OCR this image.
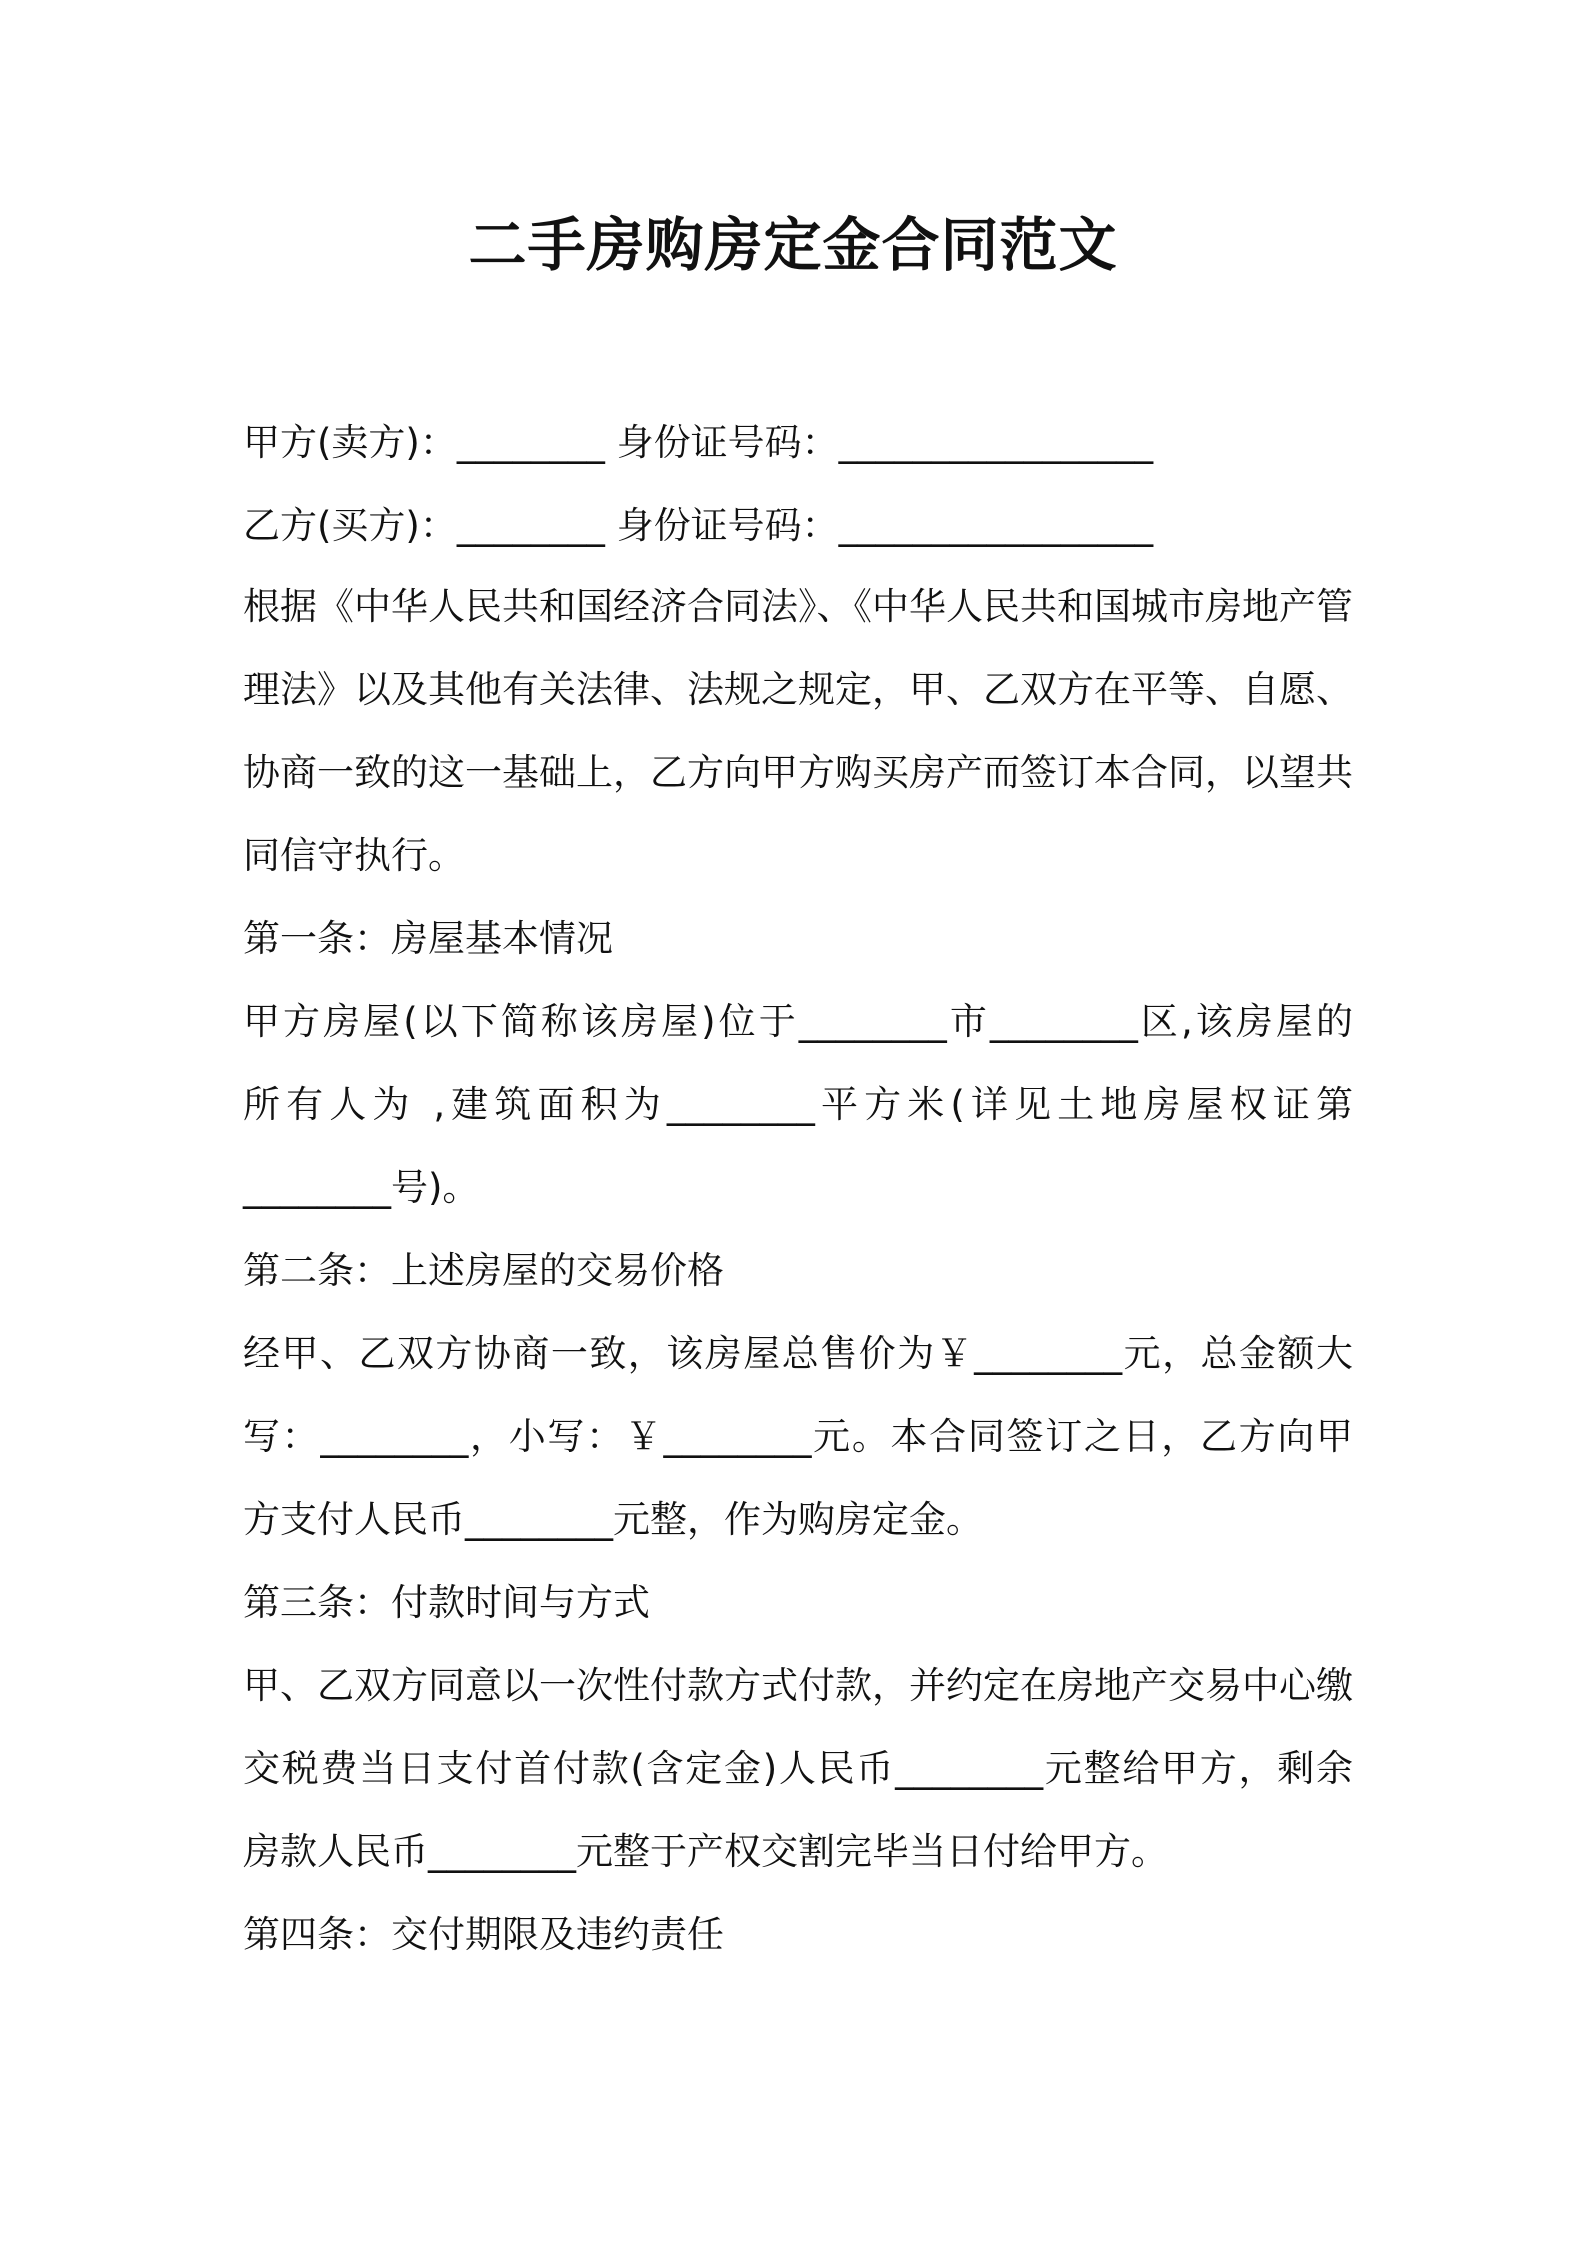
二手房购房定金合同范文
甲方(卖方)：________ 身份证号码：_________________
乙方(买方)：________ 身份证号码：_________________
根据《中华人民共和国经济合同法》、《中华人民共和国城市房地产管
理法》以及其他有关法律、法规之规定，甲、乙双方在平等、自愿、
协商一致的这一基础上，乙方向甲方购买房产而签订本合同，以望共
同信守执行。
第一条：房屋基本情况
甲方房屋(以下简称该房屋)位于________市________区,该房屋的
所有人为 ,建筑面积为________平方米(详见土地房屋权证第
________号)。
第二条：上述房屋的交易价格
经甲、乙双方协商一致，该房屋总售价为￥________元，总金额大
写：________，小写：￥________元。本合同签订之日，乙方向甲
方支付人民币________元整，作为购房定金。
第三条：付款时间与方式
甲、乙双方同意以一次性付款方式付款，并约定在房地产交易中心缴
交税费当日支付首付款(含定金)人民币________元整给甲方，剩余
房款人民币________元整于产权交割完毕当日付给甲方。
第四条：交付期限及违约责任
